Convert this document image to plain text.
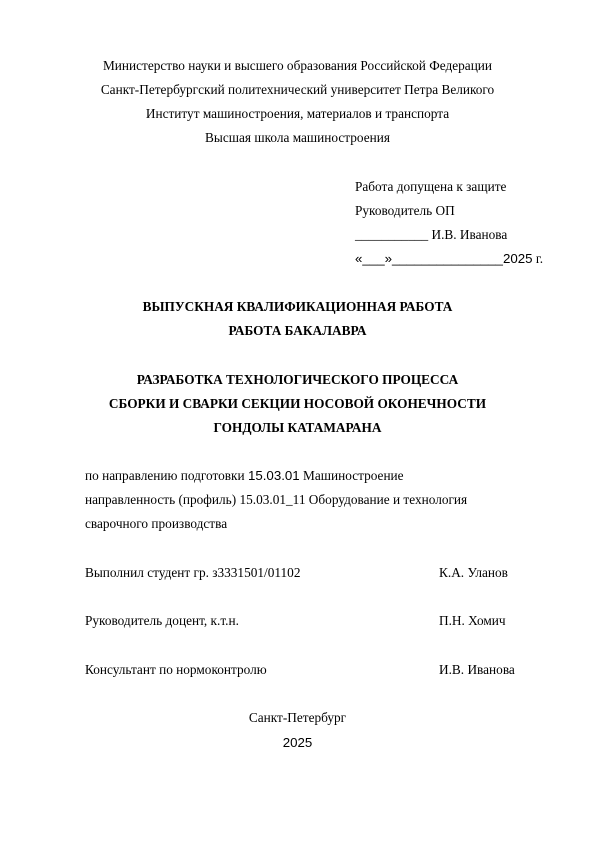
Министерство науки и высшего образования Российской Федерации
Санкт-Петербургский политехнический университет Петра Великого
Институт машиностроения, материалов и транспорта
Высшая школа машиностроения
Работа допущена к защите
Руководитель ОП
___________ И.В. Иванова
«___»_______________2025 г.
ВЫПУСКНАЯ КВАЛИФИКАЦИОННАЯ РАБОТА
РАБОТА БАКАЛАВРА
РАЗРАБОТКА ТЕХНОЛОГИЧЕСКОГО ПРОЦЕССА
СБОРКИ И СВАРКИ СЕКЦИИ НОСОВОЙ ОКОНЕЧНОСТИ
ГОНДОЛЫ КАТАМАРАНА
по направлению подготовки 15.03.01 Машиностроение
направленность (профиль) 15.03.01_11 Оборудование и технология
сварочного производства
Выполнил студент гр. з3331501/01102	К.А. Уланов
Руководитель доцент, к.т.н.	П.Н. Хомич
Консультант по нормоконтролю	И.В. Иванова
Санкт-Петербург
2025
